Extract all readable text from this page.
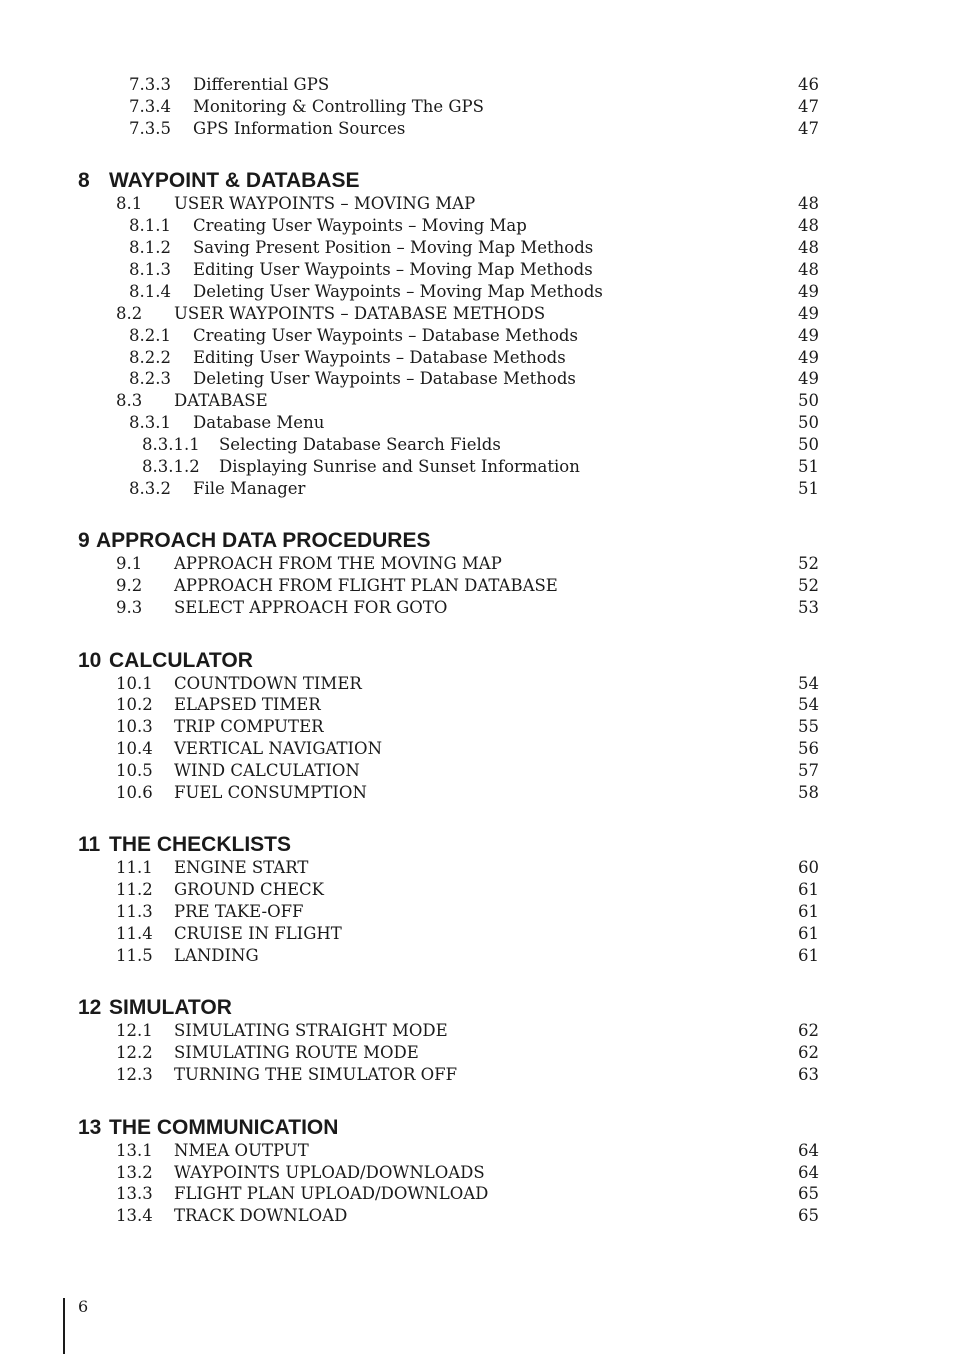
7.3.3 Differential GPS	46
7.3.4 Monitoring & Controlling The GPS	47
7.3.5 GPS Information Sources	47
8 WAYPOINT & DATABASE
8.1 USER WAYPOINTS – MOVING MAP	48
8.1.1 Creating User Waypoints – Moving Map	48
8.1.2 Saving Present Position – Moving Map Methods	48
8.1.3 Editing User Waypoints – Moving Map Methods	48
8.1.4 Deleting User Waypoints – Moving Map Methods	49
8.2 USER WAYPOINTS – DATABASE METHODS	49
8.2.1 Creating User Waypoints – Database Methods	49
8.2.2 Editing User Waypoints – Database Methods	49
8.2.3 Deleting User Waypoints – Database Methods	49
8.3 DATABASE	50
8.3.1 Database Menu	50
8.3.1.1 Selecting Database Search Fields	50
8.3.1.2 Displaying Sunrise and Sunset Information	51
8.3.2 File Manager	51
9 APPROACH DATA PROCEDURES
9.1 APPROACH FROM THE MOVING MAP	52
9.2 APPROACH FROM FLIGHT PLAN DATABASE	52
9.3 SELECT APPROACH FOR GOTO	53
10 CALCULATOR
10.1 COUNTDOWN TIMER	54
10.2 ELAPSED TIMER	54
10.3 TRIP COMPUTER	55
10.4 VERTICAL NAVIGATION	56
10.5 WIND CALCULATION	57
10.6 FUEL CONSUMPTION	58
11 THE CHECKLISTS
11.1 ENGINE START	60
11.2 GROUND CHECK	61
11.3 PRE TAKE-OFF	61
11.4 CRUISE IN FLIGHT	61
11.5 LANDING	61
12 SIMULATOR
12.1 SIMULATING STRAIGHT MODE	62
12.2 SIMULATING ROUTE MODE	62
12.3 TURNING THE SIMULATOR OFF	63
13 THE COMMUNICATION
13.1 NMEA OUTPUT	64
13.2 WAYPOINTS UPLOAD/DOWNLOADS	64
13.3 FLIGHT PLAN UPLOAD/DOWNLOAD	65
13.4 TRACK DOWNLOAD	65
6
